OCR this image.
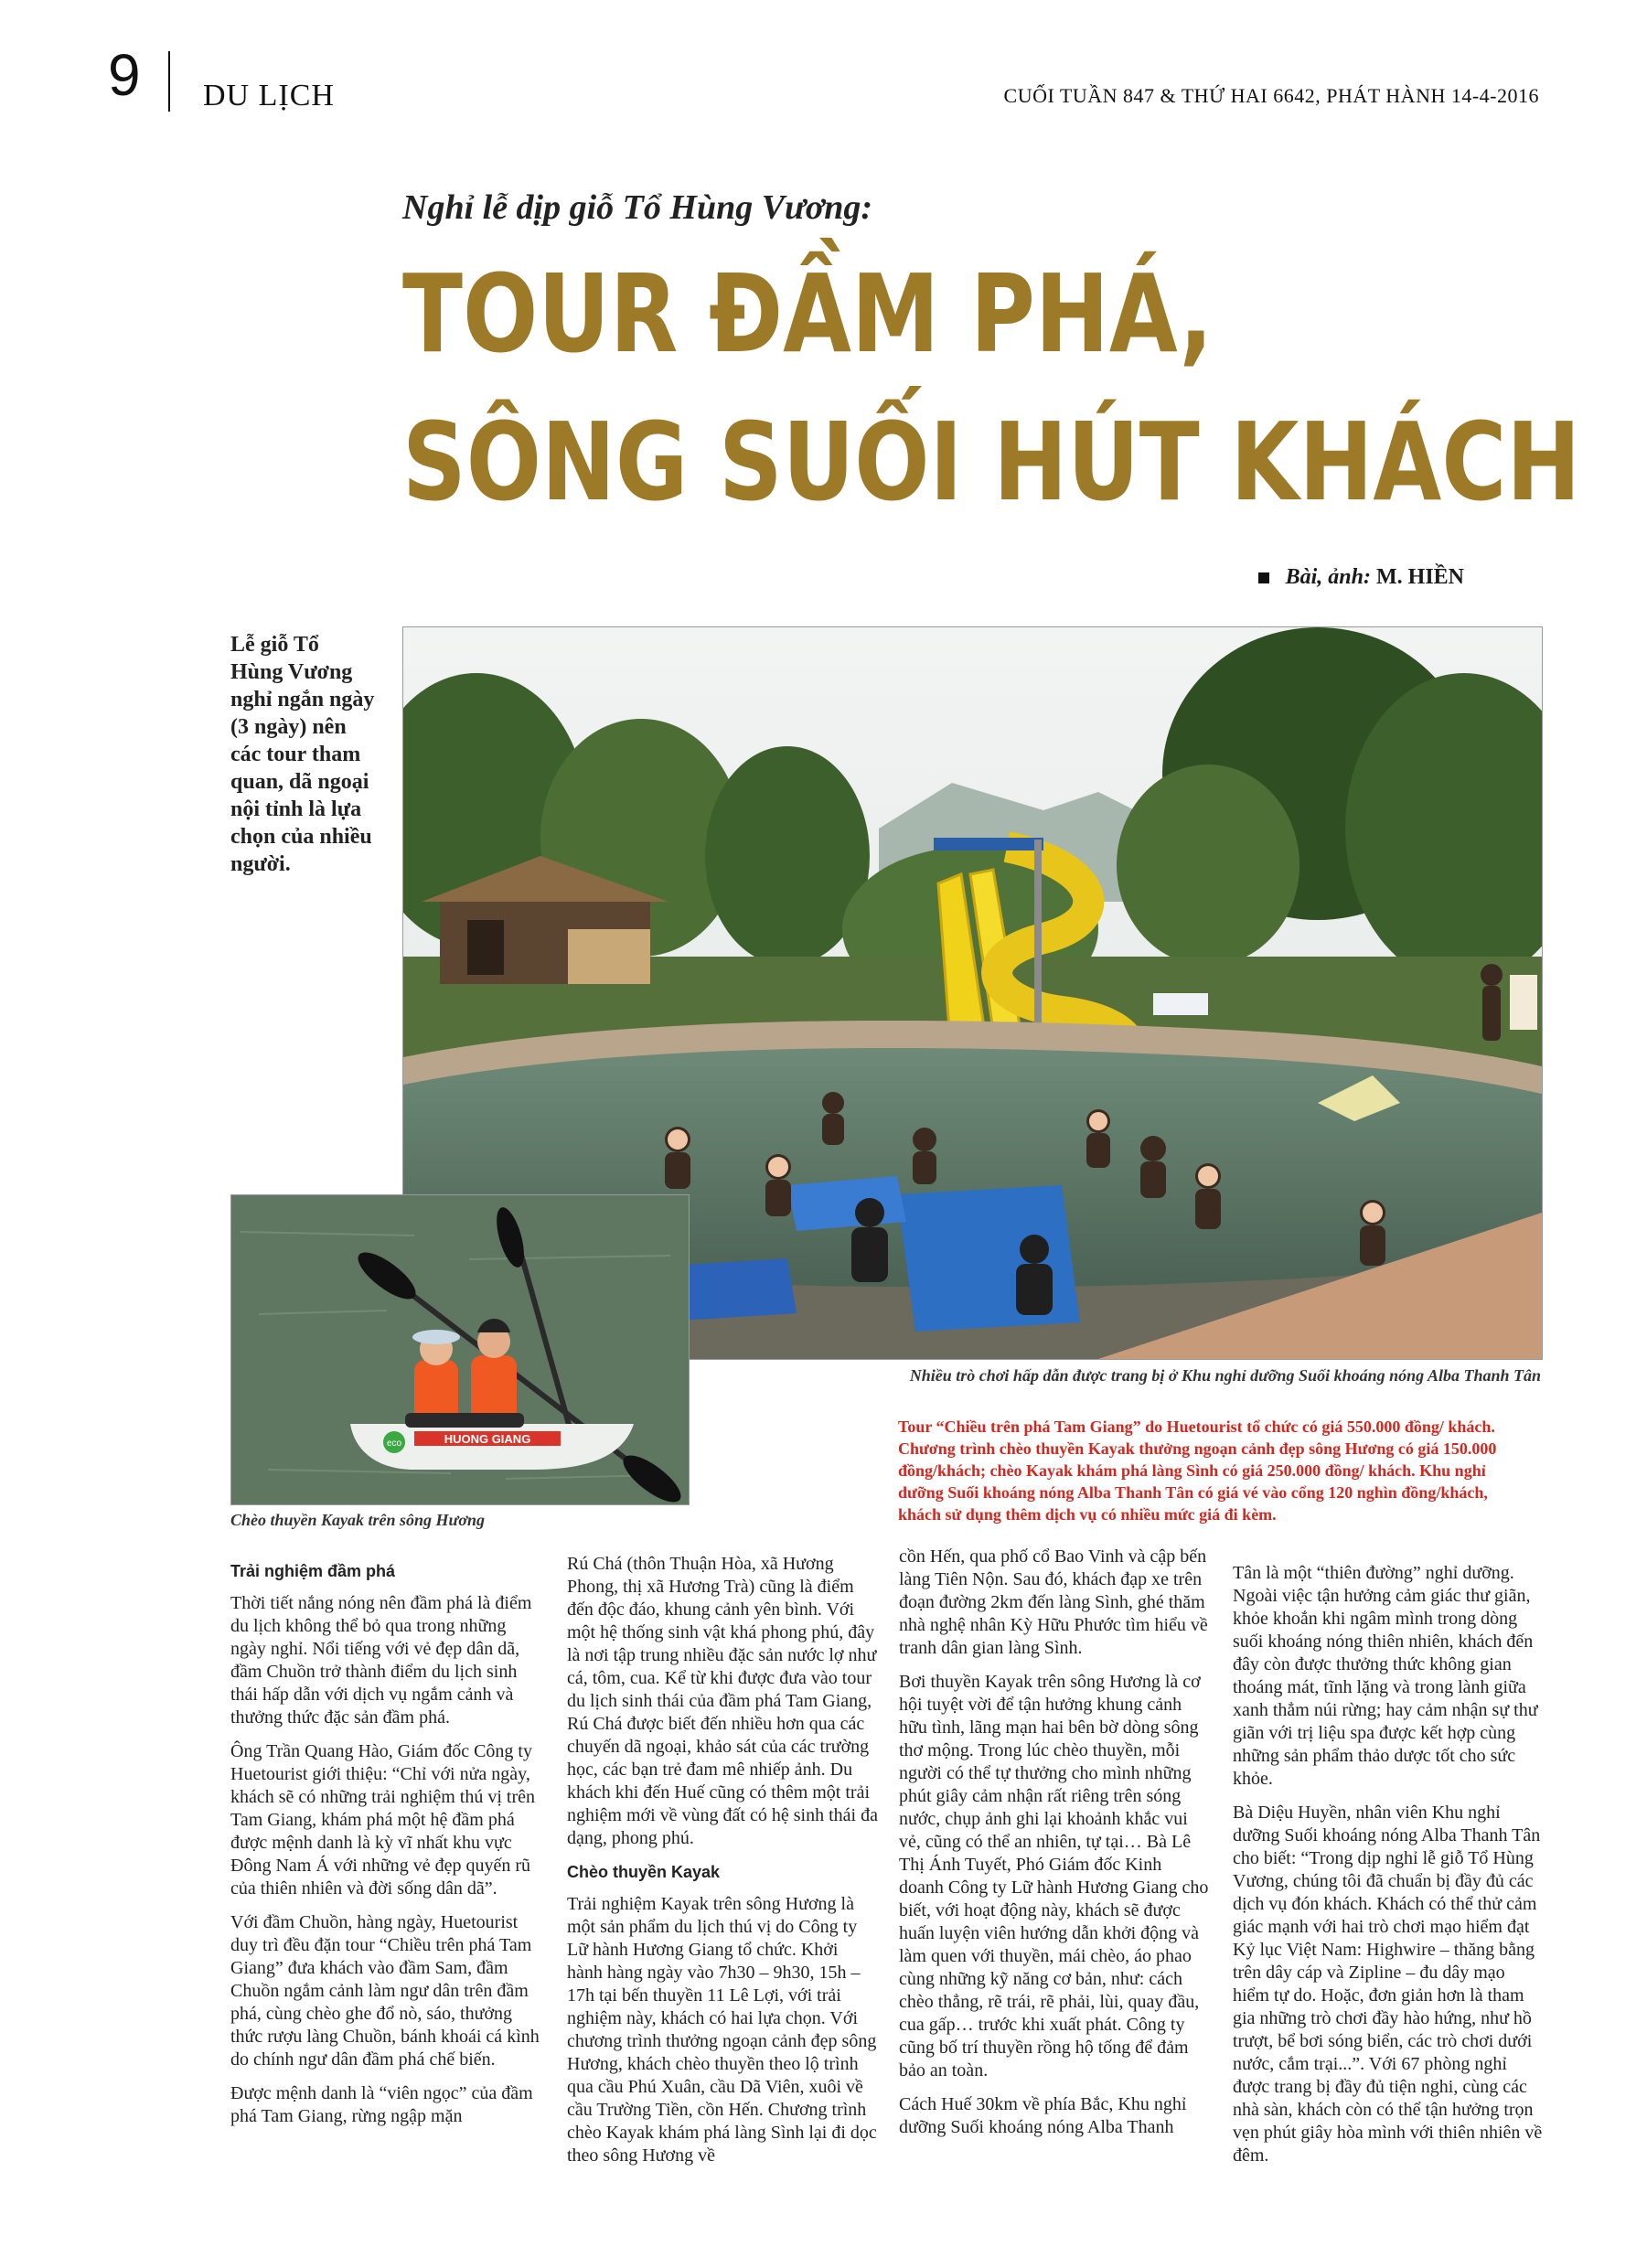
9 DU LỊCH	CUỐI TUẦN 847 & THỨ HAI 6642, PHÁT HÀNH 14-4-2016
Nghỉ lễ dịp giỗ Tổ Hùng Vương:
TOUR ĐẦM PHÁ,
SÔNG SUỐI HÚT KHÁCH
Bài, ảnh: M. HIỀN
Lễ giỗ Tổ Hùng Vương nghỉ ngắn ngày (3 ngày) nên các tour tham quan, dã ngoại nội tỉnh là lựa chọn của nhiều người.
Nhiều trò chơi hấp dẫn được trang bị ở Khu nghỉ dưỡng Suối khoáng nóng Alba Thanh Tân
HUONG GIANG
eco
Chèo thuyền Kayak trên sông Hương
Tour “Chiều trên phá Tam Giang” do Huetourist tổ chức có giá 550.000 đồng/ khách. Chương trình chèo thuyền Kayak thưởng ngoạn cảnh đẹp sông Hương có giá 150.000 đồng/khách; chèo Kayak khám phá làng Sình có giá 250.000 đồng/ khách. Khu nghỉ dưỡng Suối khoáng nóng Alba Thanh Tân có giá vé vào cổng 120 nghìn đồng/khách, khách sử dụng thêm dịch vụ có nhiều mức giá đi kèm.
Trải nghiệm đầm phá

Thời tiết nắng nóng nên đầm phá là điểm du lịch không thể bỏ qua trong những ngày nghỉ. Nổi tiếng với vẻ đẹp dân dã, đầm Chuồn trở thành điểm du lịch sinh thái hấp dẫn với dịch vụ ngắm cảnh và thưởng thức đặc sản đầm phá.

Ông Trần Quang Hào, Giám đốc Công ty Huetourist giới thiệu: “Chỉ với nửa ngày, khách sẽ có những trải nghiệm thú vị trên Tam Giang, khám phá một hệ đầm phá được mệnh danh là kỳ vĩ nhất khu vực Đông Nam Á với những vẻ đẹp quyến rũ của thiên nhiên và đời sống dân dã”.

Với đầm Chuồn, hàng ngày, Huetourist duy trì đều đặn tour “Chiều trên phá Tam Giang” đưa khách vào đầm Sam, đầm Chuồn ngắm cảnh làm ngư dân trên đầm phá, cùng chèo ghe đổ nò, sáo, thưởng thức rượu làng Chuồn, bánh khoái cá kình do chính ngư dân đầm phá chế biến.

Được mệnh danh là “viên ngọc” của đầm phá Tam Giang, rừng ngập mặn

Rú Chá (thôn Thuận Hòa, xã Hương Phong, thị xã Hương Trà) cũng là điểm đến độc đáo, khung cảnh yên bình. Với một hệ thống sinh vật khá phong phú, đây là nơi tập trung nhiều đặc sản nước lợ như cá, tôm, cua. Kể từ khi được đưa vào tour du lịch sinh thái của đầm phá Tam Giang, Rú Chá được biết đến nhiều hơn qua các chuyến dã ngoại, khảo sát của các trường học, các bạn trẻ đam mê nhiếp ảnh. Du khách khi đến Huế cũng có thêm một trải nghiệm mới về vùng đất có hệ sinh thái đa dạng, phong phú.

Chèo thuyền Kayak

Trải nghiệm Kayak trên sông Hương là một sản phẩm du lịch thú vị do Công ty Lữ hành Hương Giang tổ chức. Khởi hành hàng ngày vào 7h30 – 9h30, 15h – 17h tại bến thuyền 11 Lê Lợi, với trải nghiệm này, khách có hai lựa chọn. Với chương trình thưởng ngoạn cảnh đẹp sông Hương, khách chèo thuyền theo lộ trình qua cầu Phú Xuân, cầu Dã Viên, xuôi về cầu Trường Tiền, cồn Hến. Chương trình chèo Kayak khám phá làng Sình lại đi dọc theo sông Hương về

cồn Hến, qua phố cổ Bao Vinh và cập bến làng Tiên Nộn. Sau đó, khách đạp xe trên đoạn đường 2km đến làng Sình, ghé thăm nhà nghệ nhân Kỳ Hữu Phước tìm hiểu về tranh dân gian làng Sình.

Bơi thuyền Kayak trên sông Hương là cơ hội tuyệt vời để tận hưởng khung cảnh hữu tình, lãng mạn hai bên bờ dòng sông thơ mộng. Trong lúc chèo thuyền, mỗi người có thể tự thưởng cho mình những phút giây cảm nhận rất riêng trên sóng nước, chụp ảnh ghi lại khoảnh khắc vui vẻ, cũng có thể an nhiên, tự tại… Bà Lê Thị Ánh Tuyết, Phó Giám đốc Kinh doanh Công ty Lữ hành Hương Giang cho biết, với hoạt động này, khách sẽ được huấn luyện viên hướng dẫn khởi động và làm quen với thuyền, mái chèo, áo phao cùng những kỹ năng cơ bản, như: cách chèo thẳng, rẽ trái, rẽ phải, lùi, quay đầu, cua gấp… trước khi xuất phát. Công ty cũng bố trí thuyền rồng hộ tống để đảm bảo an toàn.

Cách Huế 30km về phía Bắc, Khu nghỉ dưỡng Suối khoáng nóng Alba Thanh

Tân là một “thiên đường” nghỉ dưỡng. Ngoài việc tận hưởng cảm giác thư giãn, khỏe khoắn khi ngâm mình trong dòng suối khoáng nóng thiên nhiên, khách đến đây còn được thưởng thức không gian thoáng mát, tĩnh lặng và trong lành giữa xanh thẳm núi rừng; hay cảm nhận sự thư giãn với trị liệu spa được kết hợp cùng những sản phẩm thảo dược tốt cho sức khỏe.

Bà Diệu Huyền, nhân viên Khu nghỉ dưỡng Suối khoáng nóng Alba Thanh Tân cho biết: “Trong dịp nghỉ lễ giỗ Tổ Hùng Vương, chúng tôi đã chuẩn bị đầy đủ các dịch vụ đón khách. Khách có thể thử cảm giác mạnh với hai trò chơi mạo hiểm đạt Kỷ lục Việt Nam: Highwire – thăng bằng trên dây cáp và Zipline – đu dây mạo hiểm tự do. Hoặc, đơn giản hơn là tham gia những trò chơi đầy hào hứng, như hồ trượt, bể bơi sóng biển, các trò chơi dưới nước, cắm trại...”. Với 67 phòng nghỉ được trang bị đầy đủ tiện nghi, cùng các nhà sàn, khách còn có thể tận hưởng trọn vẹn phút giây hòa mình với thiên nhiên về đêm.
